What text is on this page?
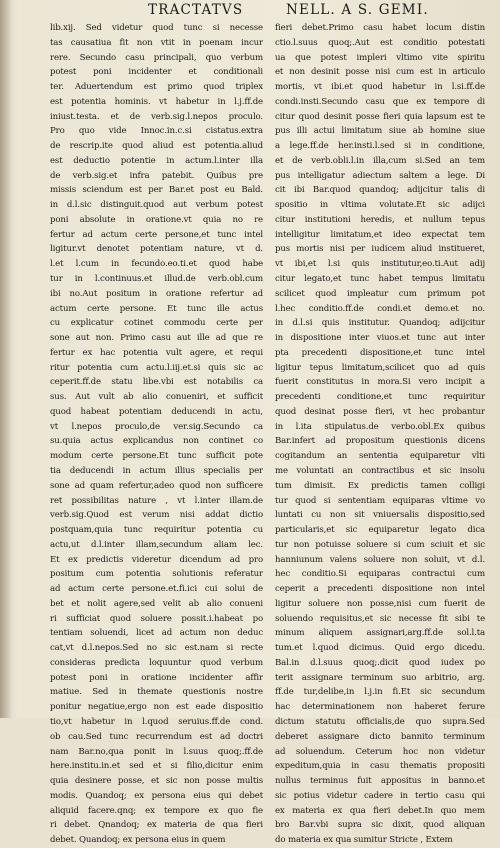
TRACTATVS	NELL. A S. GEMI.
lib.xij. Sed videtur quod tunc si necesse
tas causatiua fit non vtit in poenam incur
rere. Secundo casu principali, quo verbum
potest poni incidenter et conditionali
ter. Aduertendum est primo quod triplex
est potentia hominis. vt habetur in l.j.ff.de
iniust.testa. et de verb.sig.l.nepos proculo.
Pro quo vide Innoc.in.c.si cistatus.extra
de rescrip.ite quod aliud est potentia.aliud
est deductio potentie in actum.l.inter illa
de verb.sig.et infra patebit. Quibus pre
missis sciendum est per Bar.et post eu Bald.
in d.l.sic distinguit.quod aut verbum potest
poni absolute in oratione.vt quia no re
fertur ad actum certe persone,et tunc intel
ligitur.vt denotet potentiam nature, vt d.
l.et l.cum in fecundo.eo.ti.et quod habe
tur in l.continuus.et illud.de verb.obl.cum
ibi no.Aut positum in oratione refertur ad
actum certe persone. Et tunc ille actus
cu explicatur cotinet commodu certe per
sone aut non. Primo casu aut ille ad que re
fertur ex hac potentia vult agere, et requi
ritur potentia cum actu.l.iij.et.si quis sic ac
ceperit.ff.de statu libe.vbi est notabilis ca
sus. Aut vult ab alio conueniri, et sufficit
quod habeat potentiam deducendi in actu,
vt l.nepos proculo,de ver.sig.Secundo ca
su.quia actus explicandus non continet co
modum certe persone.Et tunc sufficit pote
tia deducendi in actum illius specialis per
sone ad quam refertur,adeo quod non sufficere
ret possibilitas nature , vt l.inter illam.de
verb.sig.Quod est verum nisi addat dictio
postquam,quia tunc requiritur potentia cu
actu,ut d.l.inter illam,secundum aliam lec.
Et ex predictis videretur dicendum ad pro
positum cum potentia solutionis referatur
ad actum certe persone.et.fi.ici cui solui de
bet et nolit agere,sed velit ab alio conueni
ri sufficiat quod soluere possit.i.habeat po
tentiam soluendi, licet ad actum non deduc
cat,vt d.l.nepos.Sed no sic est.nam si recte
consideras predicta loquuntur quod verbum
potest poni in oratione incidenter affir
matiue. Sed in themate questionis nostre
ponitur negatiue,ergo non est eade dispositio
tio,vt habetur in l.quod seruius.ff.de cond.
ob cau.Sed tunc recurrendum est ad doctri
nam Bar.no,qua ponit in l.suus quoq;.ff.de
here.institu.in.et sed et si filio,dicitur enim
quia desinere posse, et sic non posse multis
modis. Quandoq; ex persona eius qui debet
aliquid facere.qnq; ex tempore ex quo fie
ri debet. Qnandoq; ex materia de qua fieri
debet. Quandoq; ex persona eius in quem
fieri debet.Primo casu habet locum distin
ctio.l.suus quoq;.Aut est conditio potestati
ua que potest impleri vltimo vite spiritu
et non desinit posse nisi cum est in articulo
mortis, vt ibi.et quod habetur in l.si.ff.de
condi.insti.Secundo casu que ex tempore di
citur quod desinit posse fieri quia lapsum est te
pus illi actui limitatum siue ab homine siue
a lege.ff.de her.insti.l.sed si in conditione,
et de verb.obli.l.in illa,cum si.Sed an tem
pus intelligatur adiectum saltem a lege. Di
cit ibi Bar.quod quandoq; adijcitur talis di
spositio in vltima volutate.Et sic adijci
citur institutioni heredis, et nullum tepus
intelligitur limitatum,et ideo expectat tem
pus mortis nisi per iudicem aliud institueret,
vt ibi,et l.si quis institutur,eo.ti.Aut adij
citur legato,et tunc habet tempus limitatu
scilicet quod impleatur cum primum pot
l.hec conditio.ff.de condi.et demo.et no.
in d.l.si quis institutur. Quandoq; adijcitur
in dispositione inter viuos.et tunc aut inter
pta precedenti dispositione,et tunc intel
ligitur tepus limitatum,scilicet quo ad quis
fuerit constitutus in mora.Si vero incipit a
precedenti conditione,et tunc requiritur
quod desinat posse fieri, vt hec probantur
in l.ita stipulatus.de verbo.obl.Ex quibus
Bar.infert ad propositum questionis dicens
cogitandum an sententia equiparetur vlti
me voluntati an contractibus et sic insolu
tum dimisit. Ex predictis tamen colligi
tur quod si sententiam equiparas vltime vo
luntati cu non sit vniuersalis dispositio,sed
particularis,et sic equiparetur legato dica
tur non potuisse soluere si cum sciuit et sic
hanniunum valens soluere non soluit, vt d.l.
hec conditio.Si equiparas contractui cum
ceperit a precedenti dispositione non intel
ligitur soluere non posse,nisi cum fuerit de
soluendo requisitus,et sic necesse fit sibi te
minum aliquem assignari,arg.ff.de sol.l.ta
tum.et l.quod dicimus. Quid ergo dicedu.
Bal.in d.l.suus quoq;.dicit quod iudex po
terit assignare terminum suo arbitrio, arg.
ff.de tur,delibe,in l.j.in fi.Et sic secundum
hac determinationem non haberet ferure
dictum statutu officialis,de quo supra.Sed
deberet assignare dicto bannito terminum
ad soluendum. Ceterum hoc non videtur
expeditum,quia in casu thematis propositi
nullus terminus fuit appositus in banno.et
sic potius videtur cadere in tertio casu qui
ex materia ex qua fieri debet.In quo mem
bro Bar.vbi supra sic dixit, quod aliquan
do materia ex qua sumitur Stricte , Extem
